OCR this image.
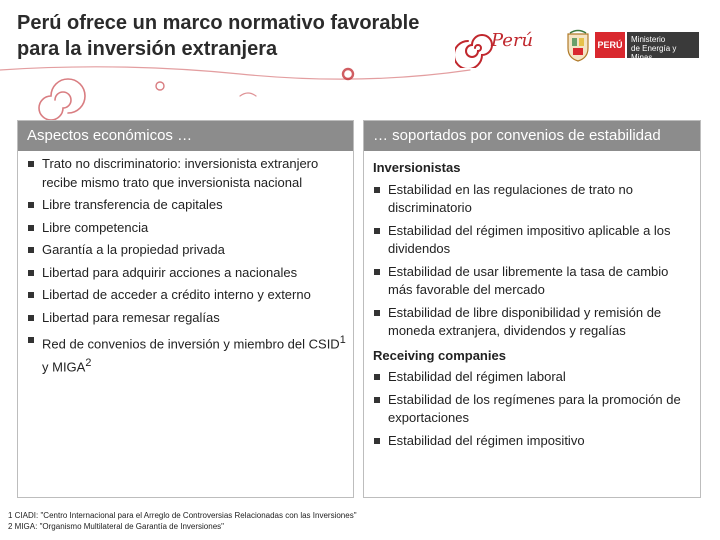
Perú ofrece un marco normativo favorable
para la inversión extranjera	Perú	PERÚ
Ministerio
de Energía y Minas
Aspectos económicos …
Trato no discriminatorio: inversionista extranjero recibe mismo trato que inversionista nacional
Libre transferencia de capitales
Libre competencia
Garantía a la propiedad privada
Libertad para adquirir acciones a nacionales
Libertad de acceder a crédito interno y externo
Libertad para remesar regalías
Red de convenios de inversión y miembro del CSID$^1$ y MIGA$^2$
… soportados por convenios de estabilidad
Inversionistas
Estabilidad en las regulaciones de trato no discriminatorio
Estabilidad del régimen impositivo aplicable a los dividendos
Estabilidad de usar libremente la tasa de cambio más favorable del mercado
Estabilidad de libre disponibilidad y remisión de moneda extranjera, dividendos y regalías
Receiving companies
Estabilidad del régimen laboral
Estabilidad de los regímenes para la promoción de exportaciones
Estabilidad del régimen impositivo
1 CIADI: "Centro Internacional para el Arreglo de Controversias Relacionadas con las Inversiones"
2 MIGA: "Organismo Multilateral de Garantía de Inversiones"
